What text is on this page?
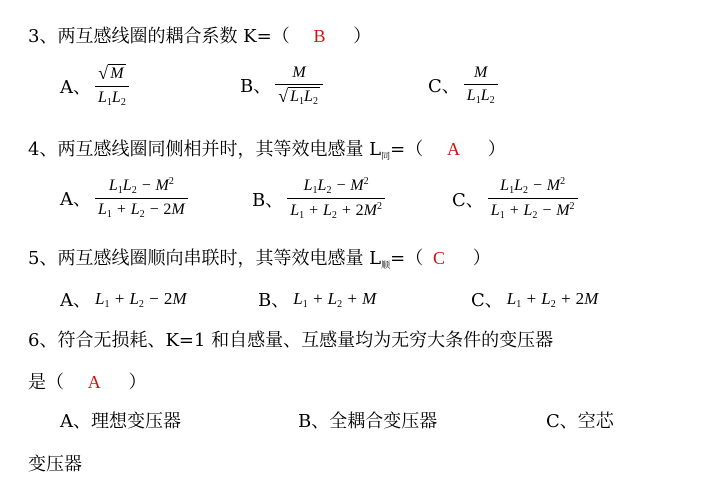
3、两互感线圈的耦合系数 K=（ B ）
A、 $\frac{√ M}{L_1L_2}$	B、 $\frac{M}{√ L_1L_2}$	C、 $\frac{M}{L_1L_2}$
4、两互感线圈同侧相并时，其等效电感量 $L_同=$（ A ）
A、 $\frac{L_1L_2 - M^2}{L_1 + L_2 - 2M}$	B、 $\frac{L_1L_2 - M^2}{L_1 + L_2 + 2M^2}$	C、 $\frac{L_1L_2 - M^2}{L_1 + L_2 - M^2}$
5、两互感线圈顺向串联时，其等效电感量 $L_顺=$（ C ）
A、 $L_1 + L_2 - 2M$	B、 $L_1 + L_2 + M$	C、 $L_1 + L_2 + 2M$
6、符合无损耗、K=1 和自感量、互感量均为无穷大条件的变压器
是（ A ）
A、理想变压器	B、全耦合变压器	C、空芯
变压器
